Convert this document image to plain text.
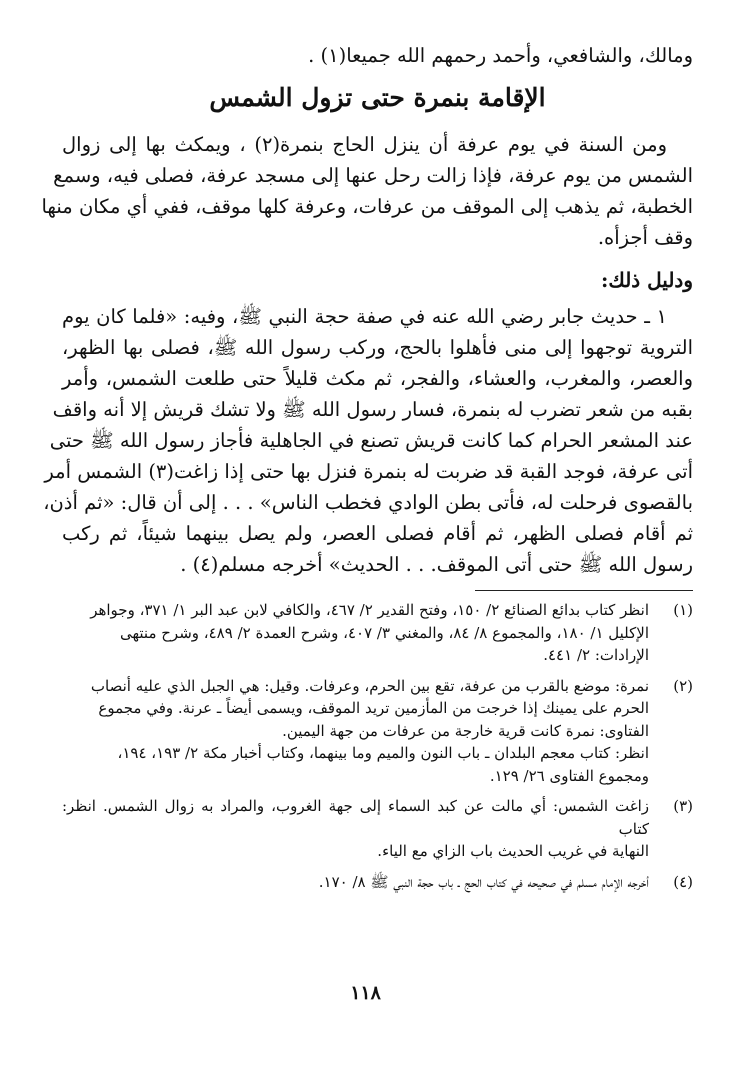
ومالك، والشافعي، وأحمد رحمهم الله جميعا(١) .

الإقامة بنمرة حتى تزول الشمس

ومن السنة في يوم عرفة أن ينزل الحاج بنمرة(٢) ، ويمكث بها إلى زوال

الشمس من يوم عرفة، فإذا زالت رحل عنها إلى مسجد عرفة، فصلى فيه، وسمع
الخطبة، ثم يذهب إلى الموقف من عرفات، وعرفة كلها موقف، ففي أي مكان منها
وقف أجزأه.

ودليل ذلك:

١ ـ حديث جابر رضي الله عنه في صفة حجة النبي ﷺ، وفيه: «فلما كان يوم

التروية توجهوا إلى منى فأهلوا بالحج، وركب رسول الله ﷺ، فصلى بها الظهر،
والعصر، والمغرب، والعشاء، والفجر، ثم مكث قليلاً حتى طلعت الشمس، وأمر
بقبه من شعر تضرب له بنمرة، فسار رسول الله ﷺ ولا تشك قريش إلا أنه واقف
عند المشعر الحرام كما كانت قريش تصنع في الجاهلية فأجاز رسول الله ﷺ حتى
أتى عرفة، فوجد القبة قد ضربت له بنمرة فنزل بها حتى إذا زاغت(٣) الشمس أمر
بالقصوى فرحلت له، فأتى بطن الوادي فخطب الناس» . . . إلى أن قال: «ثم أذن،
ثم أقام فصلى الظهر، ثم أقام فصلى العصر، ولم يصل بينهما شيئاً، ثم ركب
رسول الله ﷺ حتى أتى الموقف. . . الحديث» أخرجه مسلم(٤) .

(١)
انظر كتاب بدائع الصنائع ٢/ ١٥٠، وفتح القدير ٢/ ٤٦٧، والكافي لابن عبد البر ١/ ٣٧١، وجواهر
الإكليل ١/ ١٨٠، والمجموع ٨/ ٨٤، والمغني ٣/ ٤٠٧، وشرح العمدة ٢/ ٤٨٩، وشرح منتهى
الإرادات: ٢/ ٤٤١.
(٢)
نمرة: موضع بالقرب من عرفة، تقع بين الحرم، وعرفات. وقيل: هي الجبل الذي عليه أنصاب
الحرم على يمينك إذا خرجت من المأزمين تريد الموقف، ويسمى أيضاً ـ عرنة. وفي مجموع
الفتاوى: نمرة كانت قرية خارجة من عرفات من جهة اليمين.
انظر: كتاب معجم البلدان ـ باب النون والميم وما بينهما، وكتاب أخبار مكة ٢/ ١٩٣، ١٩٤،
ومجموع الفتاوى ٢٦/ ١٢٩.
(٣)
زاغت الشمس: أي مالت عن كبد السماء إلى جهة الغروب، والمراد به زوال الشمس. انظر: كتاب
النهاية في غريب الحديث باب الزاي مع الياء.
(٤)
أخرجه الإمام مسلم في صحيحه في كتاب الحج ـ باب حجة النبي ﷺ ٨/ ١٧٠.
١١٨
